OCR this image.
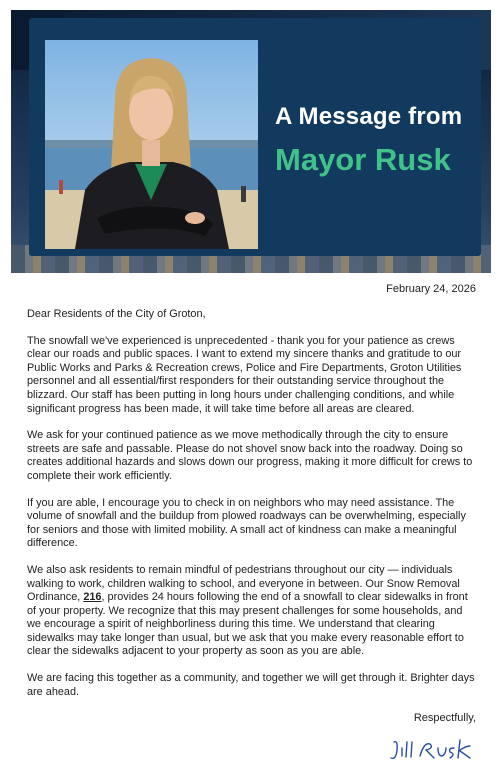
A Message from
Mayor Rusk
February 24, 2026

Dear Residents of the City of Groton,

The snowfall we've experienced is unprecedented - thank you for your patience as crews clear our roads and public spaces. I want to extend my sincere thanks and gratitude to our Public Works and Parks & Recreation crews, Police and Fire Departments, Groton Utilities personnel and all essential/first responders for their outstanding service throughout the blizzard. Our staff has been putting in long hours under challenging conditions, and while significant progress has been made, it will take time before all areas are cleared.

We ask for your continued patience as we move methodically through the city to ensure streets are safe and passable. Please do not shovel snow back into the roadway. Doing so creates additional hazards and slows down our progress, making it more difficult for crews to complete their work efficiently.

If you are able, I encourage you to check in on neighbors who may need assistance. The volume of snowfall and the buildup from plowed roadways can be overwhelming, especially for seniors and those with limited mobility. A small act of kindness can make a meaningful difference.

We also ask residents to remain mindful of pedestrians throughout our city — individuals walking to work, children walking to school, and everyone in between. Our Snow Removal Ordinance, 216, provides 24 hours following the end of a snowfall to clear sidewalks in front of your property. We recognize that this may present challenges for some households, and we encourage a spirit of neighborliness during this time. We understand that clearing sidewalks may take longer than usual, but we ask that you make every reasonable effort to clear the sidewalks adjacent to your property as soon as you are able.

We are facing this together as a community, and together we will get through it. Brighter days are ahead.

Respectfully,
